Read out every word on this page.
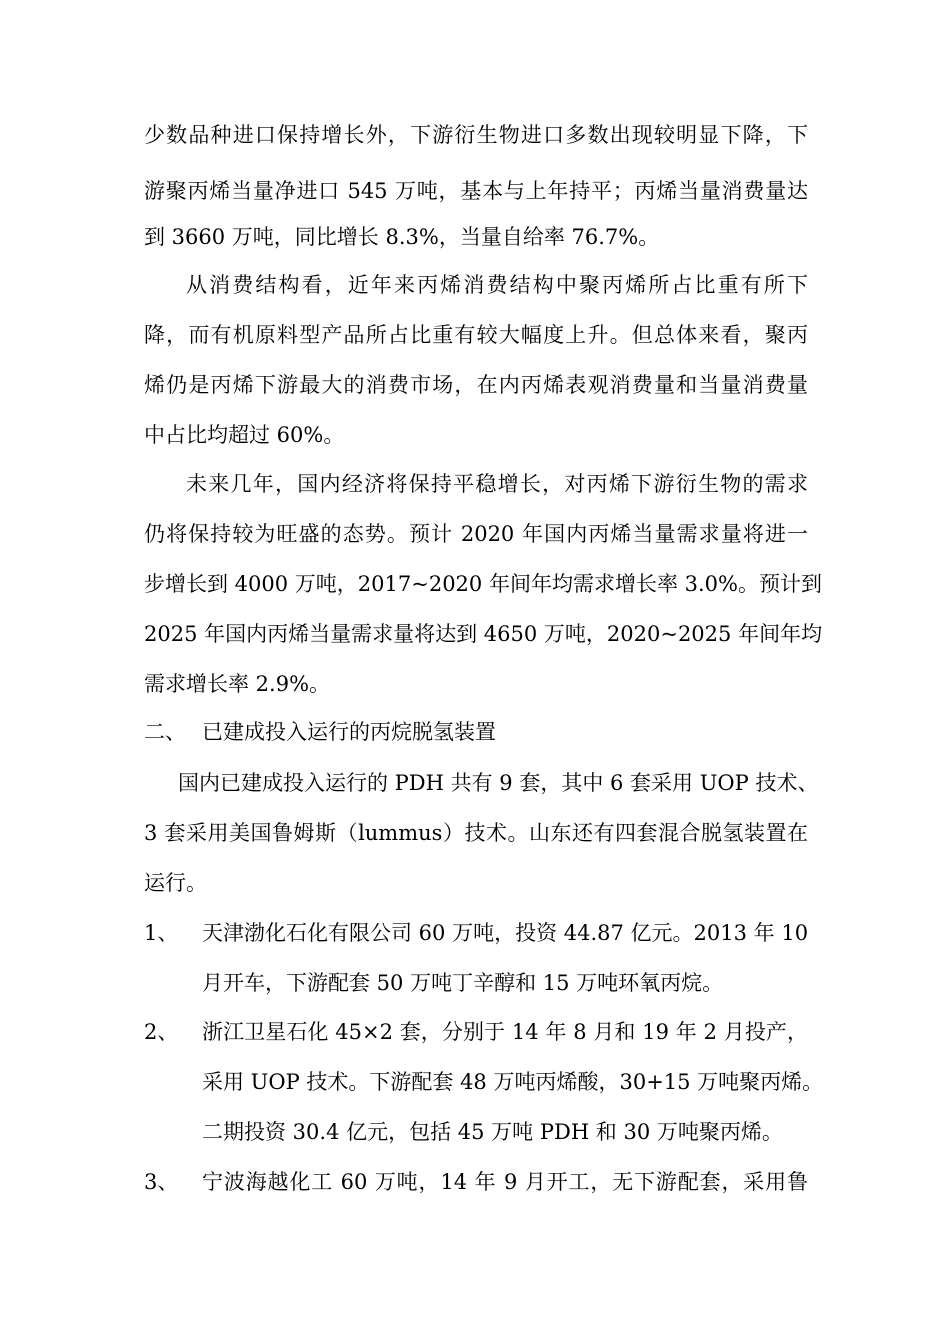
少数品种进口保持增长外，下游衍生物进口多数出现较明显下降，下
游聚丙烯当量净进口 545 万吨，基本与上年持平；丙烯当量消费量达
到 3660 万吨，同比增长 8.3%，当量自给率 76.7%。
从消费结构看，近年来丙烯消费结构中聚丙烯所占比重有所下
降，而有机原料型产品所占比重有较大幅度上升。但总体来看，聚丙
烯仍是丙烯下游最大的消费市场，在内丙烯表观消费量和当量消费量
中占比均超过 60%。
未来几年，国内经济将保持平稳增长，对丙烯下游衍生物的需求
仍将保持较为旺盛的态势。预计 2020 年国内丙烯当量需求量将进一
步增长到 4000 万吨，2017~2020 年间年均需求增长率 3.0%。预计到
2025 年国内丙烯当量需求量将达到 4650 万吨，2020~2025 年间年均
需求增长率 2.9%。
二、 已建成投入运行的丙烷脱氢装置
国内已建成投入运行的 PDH 共有 9 套，其中 6 套采用 UOP 技术、
3 套采用美国鲁姆斯（lummus）技术。山东还有四套混合脱氢装置在
运行。
1、 天津渤化石化有限公司 60 万吨，投资 44.87 亿元。2013 年 10
月开车，下游配套 50 万吨丁辛醇和 15 万吨环氧丙烷。
2、 浙江卫星石化 45×2 套，分别于 14 年 8 月和 19 年 2 月投产，
采用 UOP 技术。下游配套 48 万吨丙烯酸，30+15 万吨聚丙烯。
二期投资 30.4 亿元，包括 45 万吨 PDH 和 30 万吨聚丙烯。
3、 宁波海越化工 60 万吨，14 年 9 月开工，无下游配套，采用鲁
